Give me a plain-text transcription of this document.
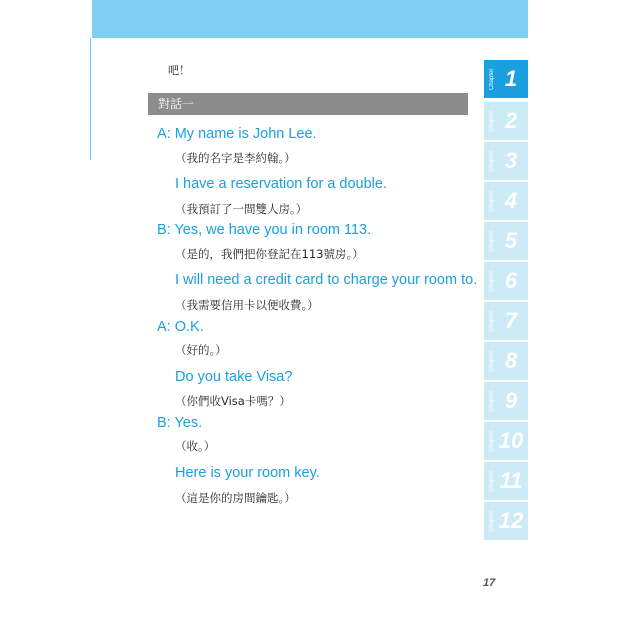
吧！
對話一
A: My name is John Lee.
（我的名字是李約翰。）
I have a reservation for a double.
（我預訂了一間雙人房。）
B: Yes, we have you in room 113.
（是的，我們把你登記在113號房。）
I will need a credit card to charge your room to.
（我需要信用卡以便收費。）
A: O.K.
（好的。）
Do you take Visa?
（你們收Visa卡嗎？）
B: Yes.
（收。）
Here is your room key.
（這是你的房間鑰匙。）
Chapter 1
Chapter 2
Chapter 3
Chapter 4
Chapter 5
Chapter 6
Chapter 7
Chapter 8
Chapter 9
Chapter 10
Chapter 11
Chapter 12
17
